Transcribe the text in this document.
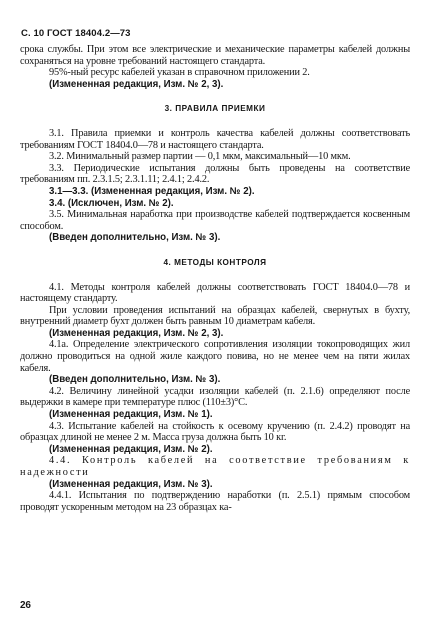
С. 10 ГОСТ 18404.2—73

срока службы. При этом все электрические и механические параметры кабелей должны сохраняться на уровне требований настоящего стандарта.

95%-ный ресурс кабелей указан в справочном приложении 2.

(Измененная редакция, Изм. № 2, 3).

3. ПРАВИЛА ПРИЕМКИ

3.1. Правила приемки и контроль качества кабелей должны соответствовать требованиям ГОСТ 18404.0—78 и настоящего стандарта.

3.2. Минимальный размер партии — 0,1 мкм, максимальный—10 мкм.

3.3. Периодические испытания должны быть проведены на соответствие требованиям пп. 2.3.1.5; 2.3.1.11; 2.4.1; 2.4.2.

3.1—3.3. (Измененная редакция, Изм. № 2).

3.4. (Исключен, Изм. № 2).

3.5. Минимальная наработка при производстве кабелей подтверждается косвенным способом.

(Введен дополнительно, Изм. № 3).

4. МЕТОДЫ КОНТРОЛЯ

4.1. Методы контроля кабелей должны соответствовать ГОСТ 18404.0—78 и настоящему стандарту.

При условии проведения испытаний на образцах кабелей, свернутых в бухту, внутренний диаметр бухт должен быть равным 10 диаметрам кабеля.

(Измененная редакция, Изм. № 2, 3).

4.1а. Определение электрического сопротивления изоляции токопроводящих жил должно проводиться на одной жиле каждого повива, но не менее чем на пяти жилах кабеля.

(Введен дополнительно, Изм. № 3).

4.2. Величину линейной усадки изоляции кабелей (п. 2.1.6) определяют после выдержки в камере при температуре плюс (110±3)°С.

(Измененная редакция, Изм. № 1).

4.3. Испытание кабелей на стойкость к осевому кручению (п. 2.4.2) проводят на образцах длиной не менее 2 м. Масса груза должна быть 10 кг.

(Измененная редакция, Изм. № 2).

4.4. Контроль кабелей на соответствие требованиям к надежности

(Измененная редакция, Изм. № 3).

4.4.1. Испытания по подтверждению наработки (п. 2.5.1) прямым способом проводят ускоренным методом на 23 образцах ка-

26
